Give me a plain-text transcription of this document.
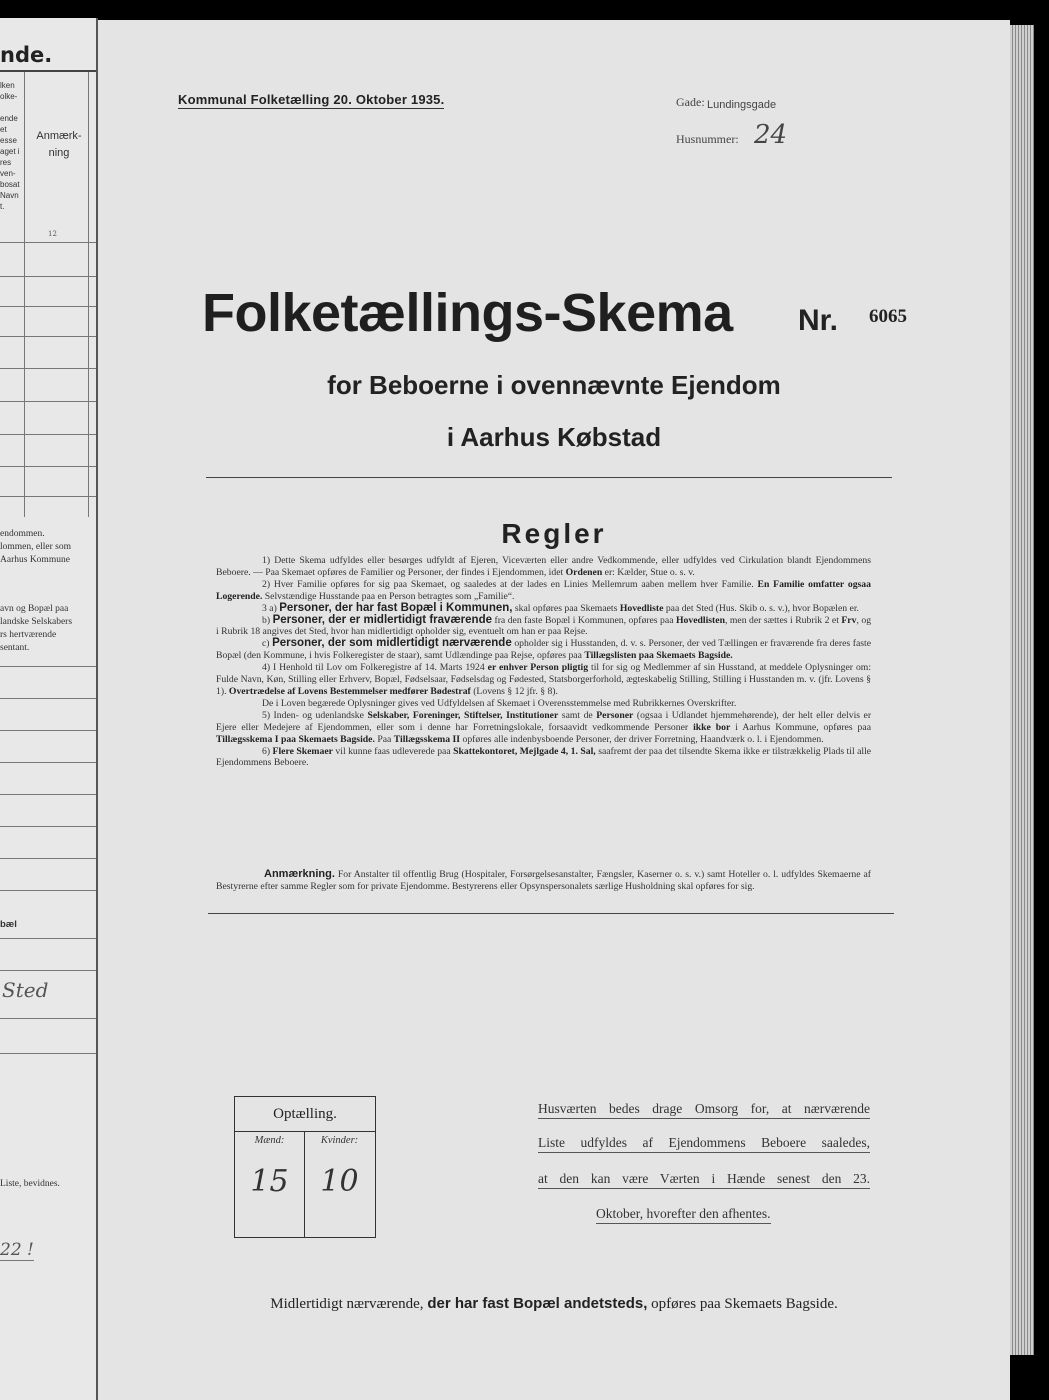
nde.
lken
olke-

ende
et
esse
aget i
res
ven-
bosat
Navn
t.
Anmærk-
ning
12
endommen.
lommen, eller som
Aarhus Kommune
avn og Bopæl paa
landske Selskabers
rs hertværende
sentant.
bæl
Sted
Liste, bevidnes.
22 !
Kommunal Folketælling 20. Oktober 1935.	Gade: Lundingsgade
Husnummer: 24
Folketællings-Skema Nr. 6065
for Beboerne i ovennævnte Ejendom
i Aarhus Købstad
Regler

1) Dette Skema udfyldes eller besørges udfyldt af Ejeren, Viceværten eller andre Vedkommende, eller udfyldes ved Cirkulation blandt Ejendommens Beboere. — Paa Skemaet opføres de Familier og Personer, der findes i Ejendommen, idet Ordenen er: Kælder, Stue o. s. v.

2) Hver Familie opføres for sig paa Skemaet, og saaledes at der lades en Linies Mellemrum aaben mellem hver Familie. En Familie omfatter ogsaa Logerende. Selvstændige Husstande paa en Person betragtes som „Familie“.

3 a) Personer, der har fast Bopæl i Kommunen, skal opføres paa Skemaets Hovedliste paa det Sted (Hus. Skib o. s. v.), hvor Bopælen er.

b) Personer, der er midlertidigt fraværende fra den faste Bopæl i Kommunen, opføres paa Hovedlisten, men der sættes i Rubrik 2 et Frv, og i Rubrik 18 angives det Sted, hvor han midlertidigt opholder sig, eventuelt om han er paa Rejse.

c) Personer, der som midlertidigt nærværende opholder sig i Husstanden, d. v. s. Personer, der ved Tællingen er fraværende fra deres faste Bopæl (den Kommune, i hvis Folkeregister de staar), samt Udlændinge paa Rejse, opføres paa Tillægslisten paa Skemaets Bagside.

4) I Henhold til Lov om Folkeregistre af 14. Marts 1924 er enhver Person pligtig til for sig og Medlemmer af sin Husstand, at meddele Oplysninger om: Fulde Navn, Køn, Stilling eller Erhverv, Bopæl, Fødselsaar, Fødselsdag og Fødested, Statsborgerforhold, ægteskabelig Stilling, Stilling i Husstanden m. v. (jfr. Lovens § 1). Overtrædelse af Lovens Bestemmelser medfører Bødestraf (Lovens § 12 jfr. § 8).

De i Loven begærede Oplysninger gives ved Udfyldelsen af Skemaet i Overensstemmelse med Rubrikkernes Overskrifter.

5) Inden- og udenlandske Selskaber, Foreninger, Stiftelser, Institutioner samt de Personer (ogsaa i Udlandet hjemmehørende), der helt eller delvis er Ejere eller Medejere af Ejendommen, eller som i denne har Forretningslokale, forsaavidt vedkommende Personer ikke bor i Aarhus Kommune, opføres paa Tillægsskema I paa Skemaets Bagside. Paa Tillægsskema II opføres alle indenbysboende Personer, der driver Forretning, Haandværk o. l. i Ejendommen.

6) Flere Skemaer vil kunne faas udleverede paa Skattekontoret, Mejlgade 4, 1. Sal, saafremt der paa det tilsendte Skema ikke er tilstrækkelig Plads til alle Ejendommens Beboere.

Anmærkning. For Anstalter til offentlig Brug (Hospitaler, Forsørgelsesanstalter, Fængsler, Kaserner o. s. v.) samt Hoteller o. l. udfyldes Skemaerne af Bestyrerne efter samme Regler som for private Ejendomme. Bestyrerens eller Opsynspersonalets særlige Husholdning skal opføres for sig.
Optælling.
Mænd:
15
Kvinder:
10
Husværten bedes drage Omsorg for, at nærværende
Liste udfyldes af Ejendommens Beboere saaledes,
at den kan være Værten i Hænde senest den 23.
Oktober, hvorefter den afhentes.
Midlertidigt nærværende, der har fast Bopæl andetsteds, opføres paa Skemaets Bagside.
